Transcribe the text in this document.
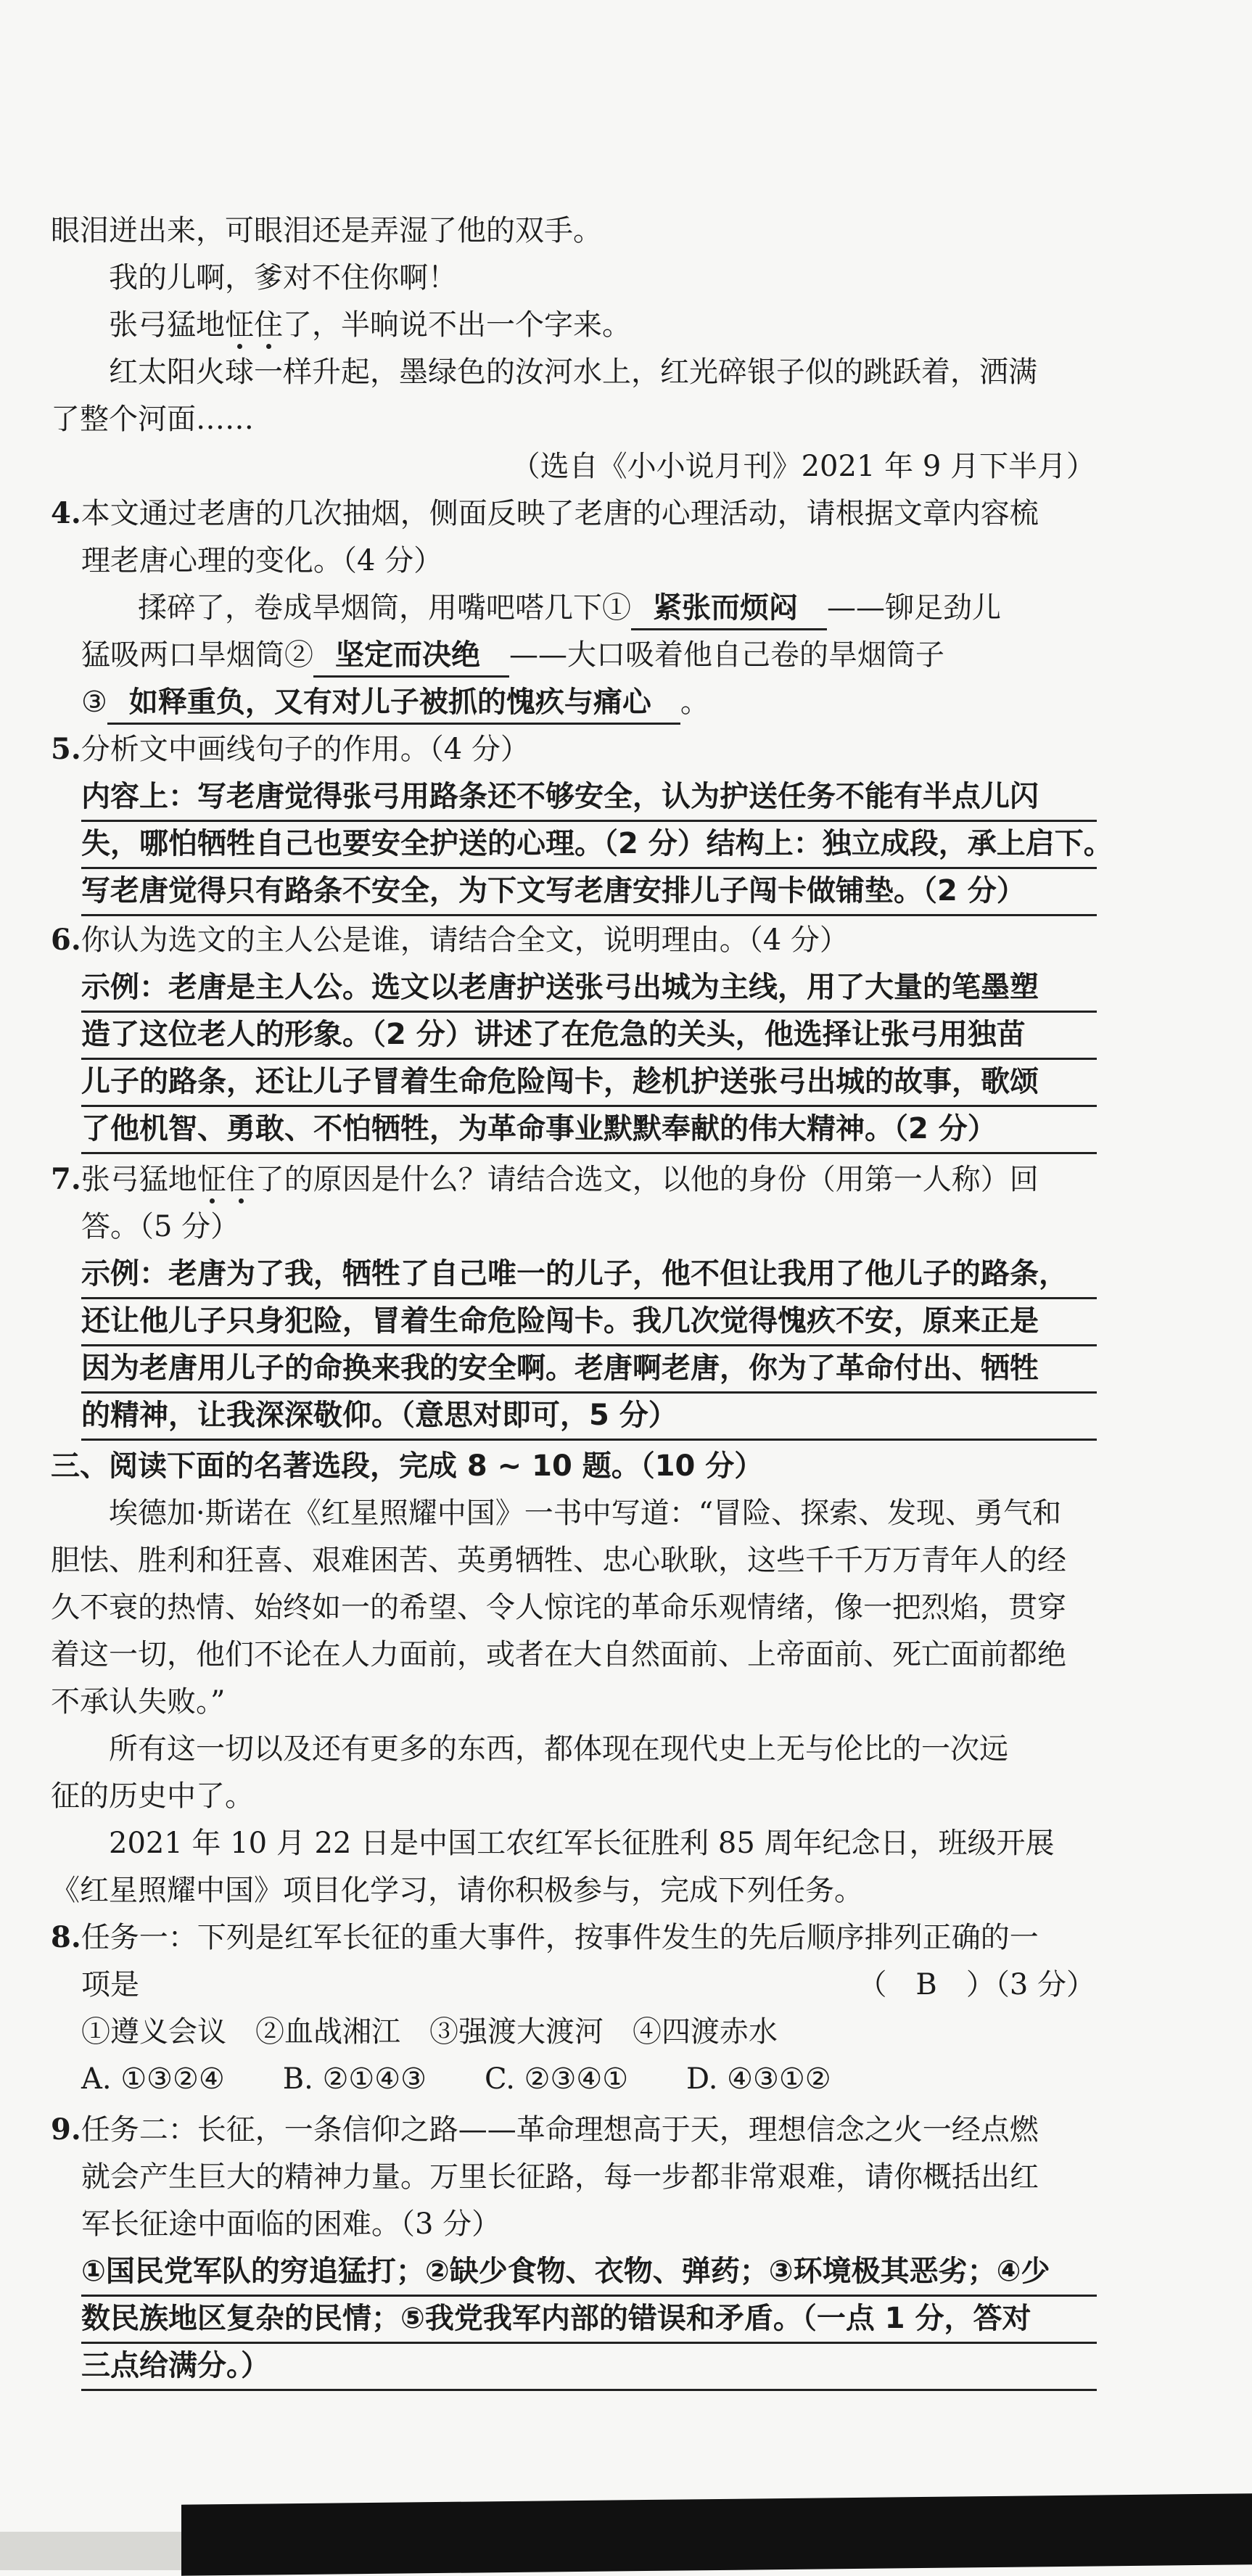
眼泪迸出来，可眼泪还是弄湿了他的双手。
我的儿啊，爹对不住你啊！
张弓猛地怔住了，半晌说不出一个字来。
红太阳火球一样升起，墨绿色的汝河水上，红光碎银子似的跳跃着，洒满
了整个河面……
（选自《小小说月刊》2021 年 9 月下半月）
4.本文通过老唐的几次抽烟，侧面反映了老唐的心理活动，请根据文章内容梳
理老唐心理的变化。（4 分）
揉碎了，卷成旱烟筒，用嘴吧嗒几下① 紧张而烦闷 ——铆足劲儿
猛吸两口旱烟筒② 坚定而决绝 ——大口吸着他自己卷的旱烟筒子
③ 如释重负，又有对儿子被抓的愧疚与痛心 。
5.分析文中画线句子的作用。（4 分）
内容上：写老唐觉得张弓用路条还不够安全，认为护送任务不能有半点儿闪
失，哪怕牺牲自己也要安全护送的心理。（2 分）结构上：独立成段，承上启下。
写老唐觉得只有路条不安全，为下文写老唐安排儿子闯卡做铺垫。（2 分）
6.你认为选文的主人公是谁，请结合全文，说明理由。（4 分）
示例：老唐是主人公。选文以老唐护送张弓出城为主线，用了大量的笔墨塑
造了这位老人的形象。（2 分）讲述了在危急的关头，他选择让张弓用独苗
儿子的路条，还让儿子冒着生命危险闯卡，趁机护送张弓出城的故事，歌颂
了他机智、勇敢、不怕牺牲，为革命事业默默奉献的伟大精神。（2 分）
7.张弓猛地怔住了的原因是什么？请结合选文，以他的身份（用第一人称）回
答。（5 分）
示例：老唐为了我，牺牲了自己唯一的儿子，他不但让我用了他儿子的路条，
还让他儿子只身犯险，冒着生命危险闯卡。我几次觉得愧疚不安，原来正是
因为老唐用儿子的命换来我的安全啊。老唐啊老唐，你为了革命付出、牺牲
的精神，让我深深敬仰。（意思对即可，5 分）
三、阅读下面的名著选段，完成 8 ~ 10 题。（10 分）
埃德加·斯诺在《红星照耀中国》一书中写道：“冒险、探索、发现、勇气和
胆怯、胜利和狂喜、艰难困苦、英勇牺牲、忠心耿耿，这些千千万万青年人的经
久不衰的热情、始终如一的希望、令人惊诧的革命乐观情绪，像一把烈焰，贯穿
着这一切，他们不论在人力面前，或者在大自然面前、上帝面前、死亡面前都绝
不承认失败。”
所有这一切以及还有更多的东西，都体现在现代史上无与伦比的一次远
征的历史中了。
2021 年 10 月 22 日是中国工农红军长征胜利 85 周年纪念日，班级开展
《红星照耀中国》项目化学习，请你积极参与，完成下列任务。
8.任务一：下列是红军长征的重大事件，按事件发生的先后顺序排列正确的一
项是	（　B　）（3 分）
①遵义会议　②血战湘江　③强渡大渡河　④四渡赤水
A. ①③②④　　B. ②①④③　　C. ②③④①　　D. ④③①②
9.任务二：长征，一条信仰之路——革命理想高于天，理想信念之火一经点燃
就会产生巨大的精神力量。万里长征路，每一步都非常艰难，请你概括出红
军长征途中面临的困难。（3 分）
①国民党军队的穷追猛打；②缺少食物、衣物、弹药；③环境极其恶劣；④少
数民族地区复杂的民情；⑤我党我军内部的错误和矛盾。（一点 1 分，答对
三点给满分。）
